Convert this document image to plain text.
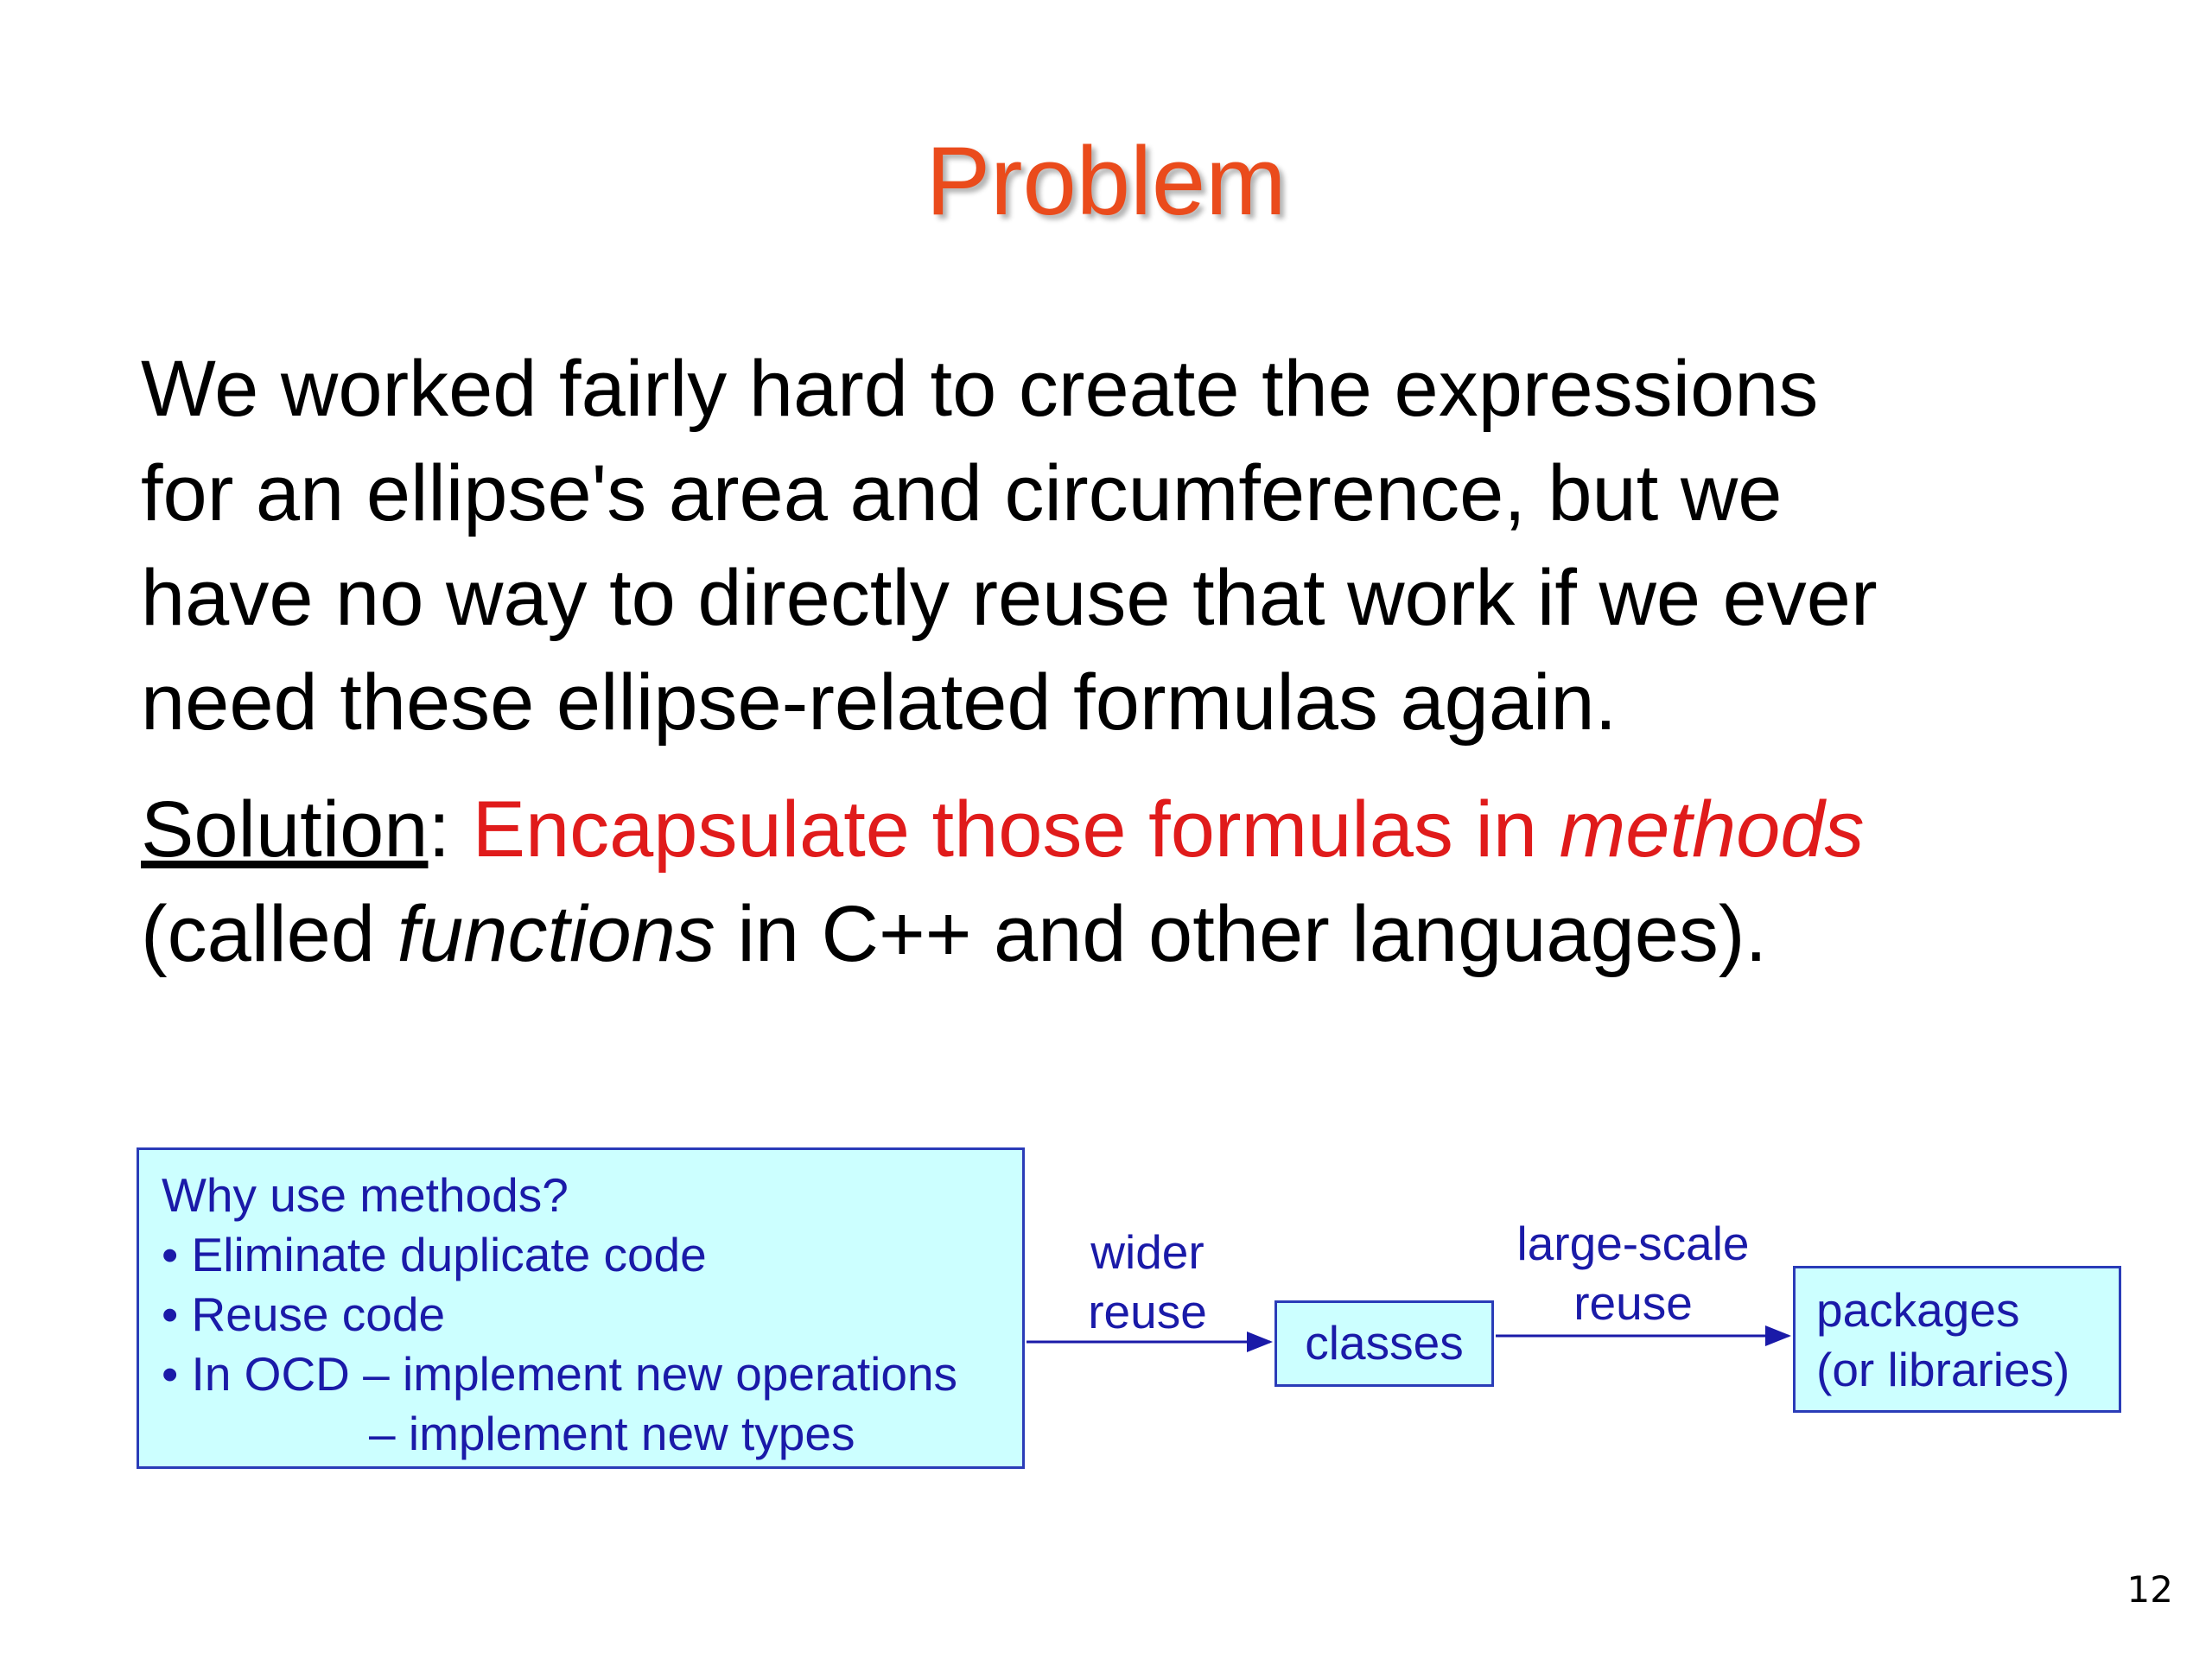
Problem
We worked fairly hard to create the expressions
for an ellipse's area and circumference, but we
have no way to directly reuse that work if we ever
need these ellipse-related formulas again.
Solution: Encapsulate those formulas in methods
(called functions in C++ and other languages).
Why use methods?
• Eliminate duplicate code
• Reuse code
• In OCD – implement new operations
– implement new types
wider
reuse
classes
large-scale
reuse	packages
(or libraries)
12
